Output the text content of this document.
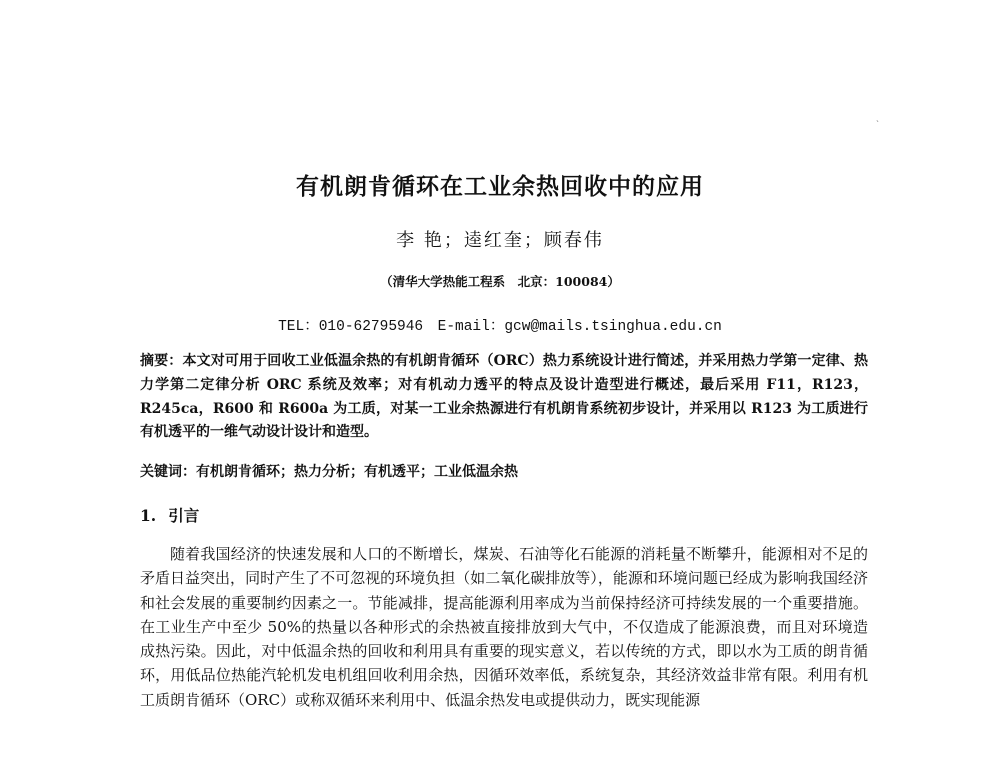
ˏ
有机朗肯循环在工业余热回收中的应用
李 艳；逵红奎；顾春伟
（清华大学热能工程系　北京：100084）
TEL：010-62795946　E-mail：gcw@mails.tsinghua.edu.cn
摘要：本文对可用于回收工业低温余热的有机朗肯循环（ORC）热力系统设计进行简述，并采用热力学第一定律、热力学第二定律分析 ORC 系统及效率；对有机动力透平的特点及设计造型进行概述，最后采用 F11，R123，R245ca，R600 和 R600a 为工质，对某一工业余热源进行有机朗肯系统初步设计，并采用以 R123 为工质进行有机透平的一维气动设计设计和造型。
关键词：有机朗肯循环；热力分析；有机透平；工业低温余热
1. 引言
随着我国经济的快速发展和人口的不断增长，煤炭、石油等化石能源的消耗量不断攀升，能源相对不足的矛盾日益突出，同时产生了不可忽视的环境负担（如二氧化碳排放等），能源和环境问题已经成为影响我国经济和社会发展的重要制约因素之一。节能减排，提高能源利用率成为当前保持经济可持续发展的一个重要措施。在工业生产中至少 50%的热量以各种形式的余热被直接排放到大气中，不仅造成了能源浪费，而且对环境造成热污染。因此，对中低温余热的回收和利用具有重要的现实意义，若以传统的方式，即以水为工质的朗肯循环，用低品位热能汽轮机发电机组回收利用余热，因循环效率低，系统复杂，其经济效益非常有限。利用有机工质朗肯循环（ORC）或称双循环来利用中、低温余热发电或提供动力，既实现能源
